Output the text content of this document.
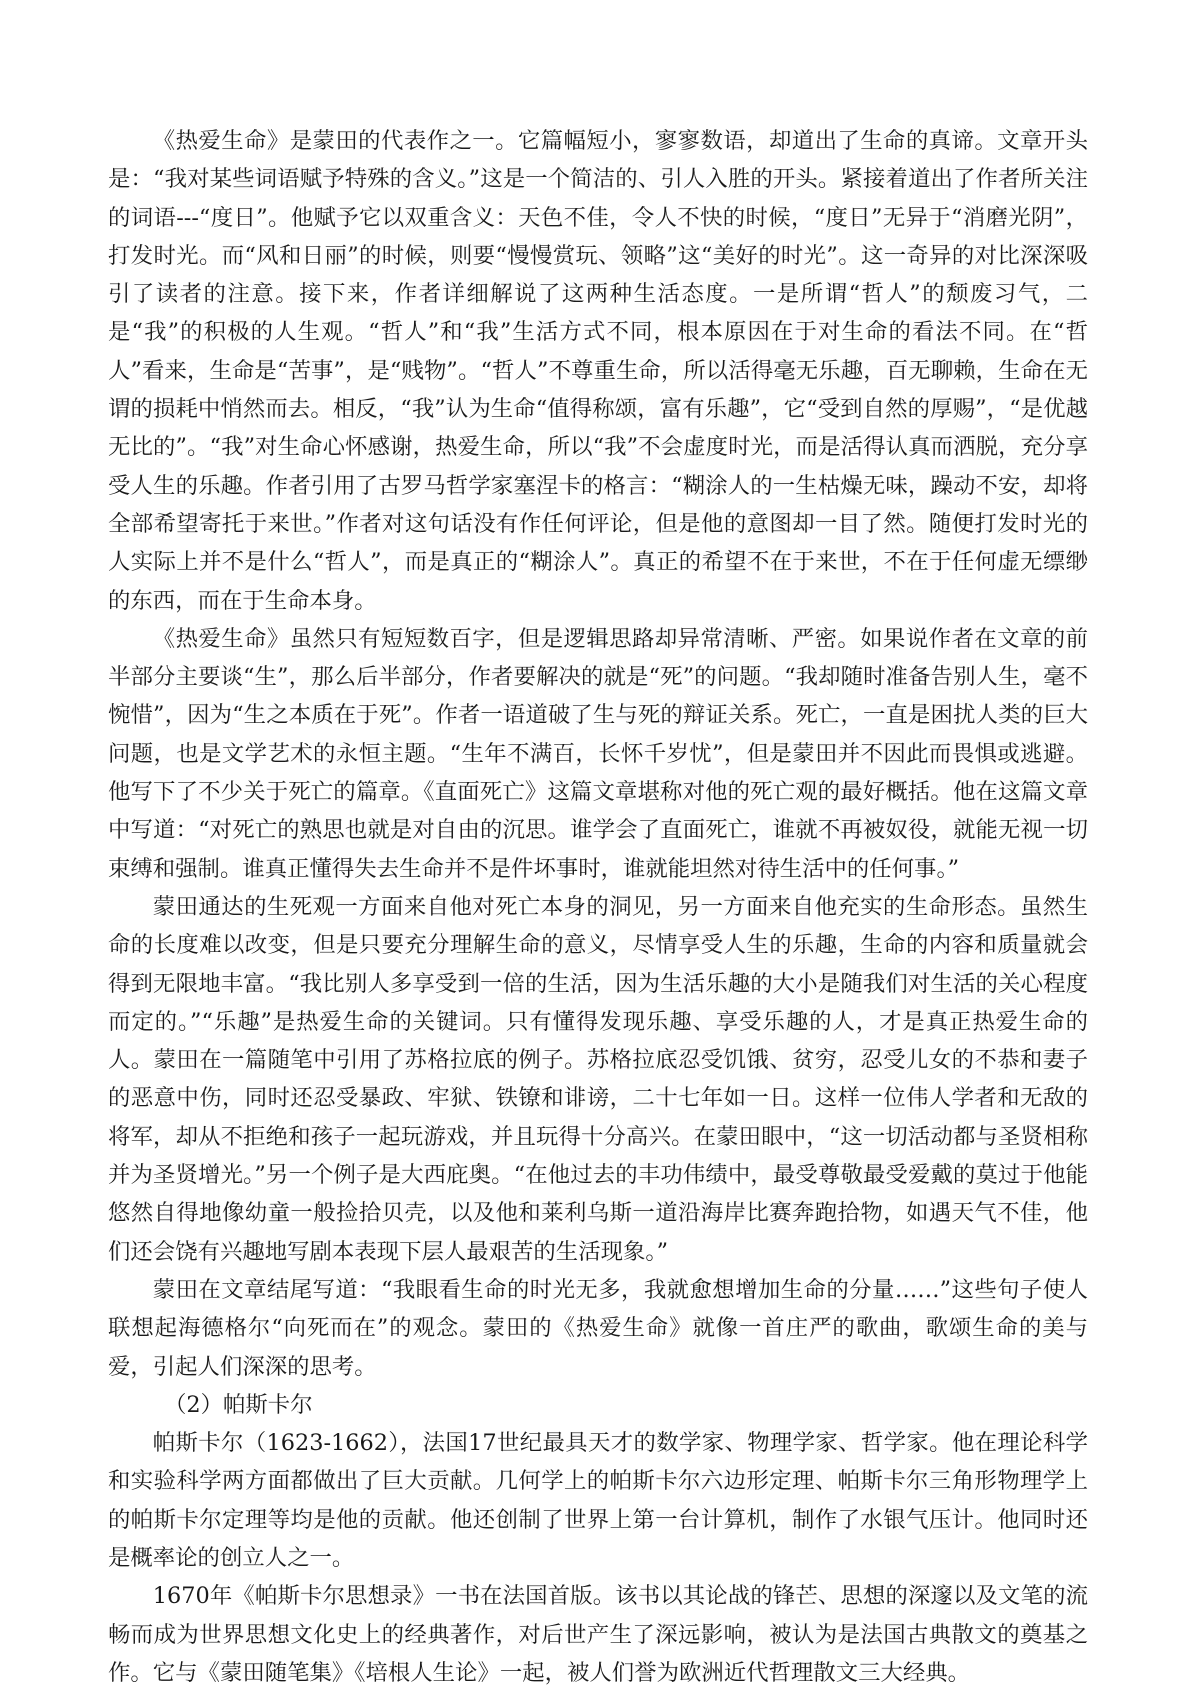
《热爱生命》是蒙田的代表作之一。它篇幅短小，寥寥数语，却道出了生命的真谛。文章开头是：“我对某些词语赋予特殊的含义。”这是一个简洁的、引人入胜的开头。紧接着道出了作者所关注的词语---“度日”。他赋予它以双重含义：天色不佳，令人不快的时候，“度日”无异于“消磨光阴”，打发时光。而“风和日丽”的时候，则要“慢慢赏玩、领略”这“美好的时光”。这一奇异的对比深深吸引了读者的注意。接下来，作者详细解说了这两种生活态度。一是所谓“哲人”的颓废习气，二是“我”的积极的人生观。“哲人”和“我”生活方式不同，根本原因在于对生命的看法不同。在“哲人”看来，生命是“苦事”，是“贱物”。“哲人”不尊重生命，所以活得毫无乐趣，百无聊赖，生命在无谓的损耗中悄然而去。相反，“我”认为生命“值得称颂，富有乐趣”，它“受到自然的厚赐”，“是优越无比的”。“我”对生命心怀感谢，热爱生命，所以“我”不会虚度时光，而是活得认真而洒脱，充分享受人生的乐趣。作者引用了古罗马哲学家塞涅卡的格言：“糊涂人的一生枯燥无味，躁动不安，却将全部希望寄托于来世。”作者对这句话没有作任何评论，但是他的意图却一目了然。随便打发时光的人实际上并不是什么“哲人”，而是真正的“糊涂人”。真正的希望不在于来世，不在于任何虚无缥缈的东西，而在于生命本身。

《热爱生命》虽然只有短短数百字，但是逻辑思路却异常清晰、严密。如果说作者在文章的前半部分主要谈“生”，那么后半部分，作者要解决的就是“死”的问题。“我却随时准备告别人生，毫不惋惜”，因为“生之本质在于死”。作者一语道破了生与死的辩证关系。死亡，一直是困扰人类的巨大问题，也是文学艺术的永恒主题。“生年不满百，长怀千岁忧”，但是蒙田并不因此而畏惧或逃避。他写下了不少关于死亡的篇章。《直面死亡》这篇文章堪称对他的死亡观的最好概括。他在这篇文章中写道：“对死亡的熟思也就是对自由的沉思。谁学会了直面死亡，谁就不再被奴役，就能无视一切束缚和强制。谁真正懂得失去生命并不是件坏事时，谁就能坦然对待生活中的任何事。”

蒙田通达的生死观一方面来自他对死亡本身的洞见，另一方面来自他充实的生命形态。虽然生命的长度难以改变，但是只要充分理解生命的意义，尽情享受人生的乐趣，生命的内容和质量就会得到无限地丰富。“我比别人多享受到一倍的生活，因为生活乐趣的大小是随我们对生活的关心程度而定的。”“乐趣”是热爱生命的关键词。只有懂得发现乐趣、享受乐趣的人，才是真正热爱生命的人。蒙田在一篇随笔中引用了苏格拉底的例子。苏格拉底忍受饥饿、贫穷，忍受儿女的不恭和妻子的恶意中伤，同时还忍受暴政、牢狱、铁镣和诽谤，二十七年如一日。这样一位伟人学者和无敌的将军，却从不拒绝和孩子一起玩游戏，并且玩得十分高兴。在蒙田眼中，“这一切活动都与圣贤相称并为圣贤增光。”另一个例子是大西庇奥。“在他过去的丰功伟绩中，最受尊敬最受爱戴的莫过于他能悠然自得地像幼童一般捡拾贝壳，以及他和莱利乌斯一道沿海岸比赛奔跑拾物，如遇天气不佳，他们还会饶有兴趣地写剧本表现下层人最艰苦的生活现象。”

蒙田在文章结尾写道：“我眼看生命的时光无多，我就愈想增加生命的分量……”这些句子使人联想起海德格尔“向死而在”的观念。蒙田的《热爱生命》就像一首庄严的歌曲，歌颂生命的美与爱，引起人们深深的思考。

（2）帕斯卡尔

帕斯卡尔（1623-1662），法国17世纪最具天才的数学家、物理学家、哲学家。他在理论科学和实验科学两方面都做出了巨大贡献。几何学上的帕斯卡尔六边形定理、帕斯卡尔三角形物理学上的帕斯卡尔定理等均是他的贡献。他还创制了世界上第一台计算机，制作了水银气压计。他同时还是概率论的创立人之一。

1670年《帕斯卡尔思想录》一书在法国首版。该书以其论战的锋芒、思想的深邃以及文笔的流畅而成为世界思想文化史上的经典著作，对后世产生了深远影响，被认为是法国古典散文的奠基之作。它与《蒙田随笔集》《培根人生论》一起，被人们誉为欧洲近代哲理散文三大经典。
